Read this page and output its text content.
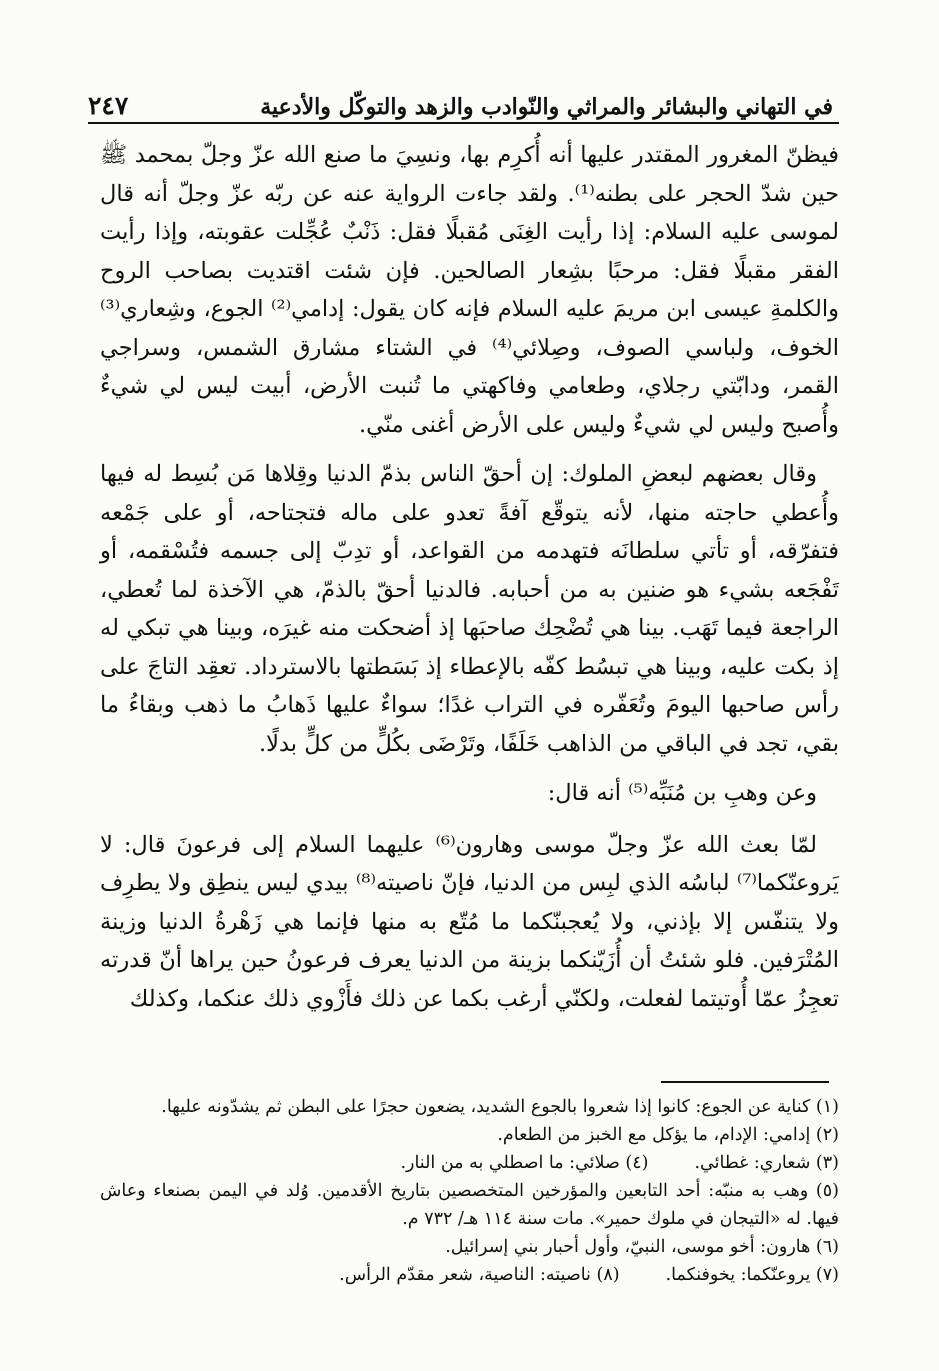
٢٤٧	في التهاني والبشائر والمراثي والنّوادب والزهد والتوكّل والأدعية

فيظنّ المغرور المقتدر عليها أنه أُكرِم بها، ونسِيَ ما صنع الله عزّ وجلّ بمحمد ﷺ حين شدّ الحجر على بطنه⁽¹⁾. ولقد جاءت الرواية عنه عن ربّه عزّ وجلّ أنه قال لموسى عليه السلام: إذا رأيت الغِنَى مُقبلًا فقل: ذَنْبٌ عُجِّلت عقوبته، وإذا رأيت الفقر مقبلًا فقل: مرحبًا بشِعار الصالحين. فإن شئت اقتديت بصاحب الروح والكلمةِ عيسى ابن مريمَ عليه السلام فإنه كان يقول: إدامي⁽²⁾ الجوع، وشِعاري⁽³⁾ الخوف، ولباسي الصوف، وصِلائي⁽⁴⁾ في الشتاء مشارق الشمس، وسراجي القمر، ودابّتي رجلاي، وطعامي وفاكهتي ما تُنبت الأرض، أبيت ليس لي شيءٌ وأُصبح وليس لي شيءٌ وليس على الأرض أغنى منّي.

وقال بعضهم لبعضِ الملوك: إن أحقّ الناس بذمّ الدنيا وقِلاها مَن بُسِط له فيها وأُعطي حاجته منها، لأنه يتوقّع آفةً تعدو على ماله فتجتاحه، أو على جَمْعه فتفرّقه، أو تأتي سلطانَه فتهدمه من القواعد، أو تدِبّ إلى جسمه فتُسْقمه، أو تَفْجَعه بشيء هو ضنين به من أحبابه. فالدنيا أحقّ بالذمّ، هي الآخذة لما تُعطي، الراجعة فيما تَهَب. بينا هي تُضْحِك صاحبَها إذ أضحكت منه غيرَه، وبينا هي تبكي له إذ بكت عليه، وبينا هي تبسُط كفّه بالإعطاء إذ بَسَطتها بالاسترداد. تعقِد التاجَ على رأس صاحبها اليومَ وتُعَفّره في التراب غدًا؛ سواءٌ عليها ذَهابُ ما ذهب وبقاءُ ما بقي، تجد في الباقي من الذاهب خَلَفًا، وتَرْضَى بكُلٍّ من كلٍّ بدلًا.

وعن وهبِ بن مُنَبِّه⁽⁵⁾ أنه قال:

لمّا بعث الله عزّ وجلّ موسى وهارون⁽⁶⁾ عليهما السلام إلى فرعونَ قال: لا يَروعنّكما⁽⁷⁾ لباسُه الذي لبِس من الدنيا، فإنّ ناصيته⁽⁸⁾ بيدي ليس ينطِق ولا يطرِف ولا يتنفّس إلا بإذني، ولا يُعجبنّكما ما مُتّع به منها فإنما هي زَهْرةُ الدنيا وزينة المُتْرَفين. فلو شئتُ أن أُزَيّنكما بزينة من الدنيا يعرف فرعونُ حين يراها أنّ قدرته تعجِزُ عمّا أُوتيتما لفعلت، ولكنّي أرغب بكما عن ذلك فأَزْوي ذلك عنكما، وكذلك

(١) كناية عن الجوع: كانوا إذا شعروا بالجوع الشديد، يضعون حجرًا على البطن ثم يشدّونه عليها.
(٢) إدامي: الإدام، ما يؤكل مع الخبز من الطعام.
(٣) شعاري: غطائي.
(٤) صلائي: ما اصطلي به من النار.
(٥) وهب به منبّه: أحد التابعين والمؤرخين المتخصصين بتاريخ الأقدمين. وُلد في اليمن بصنعاء وعاش فيها. له «التيجان في ملوك حمير». مات سنة ١١٤ هـ/ ٧٣٢ م.
(٦) هارون: أخو موسى، النبيّ، وأول أحبار بني إسرائيل.
(٧) يروعنّكما: يخوفنكما.
(٨) ناصيته: الناصية، شعر مقدّم الرأس.
